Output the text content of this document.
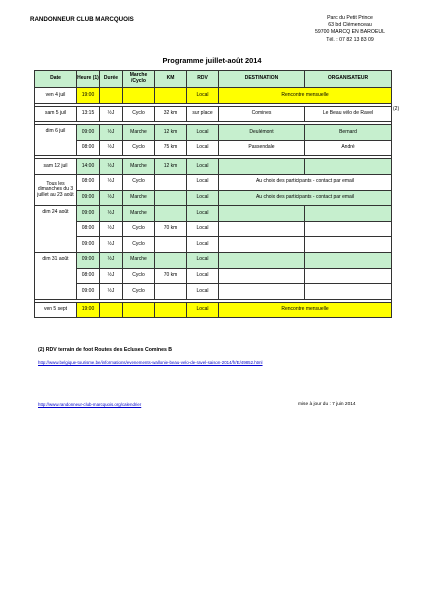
RANDONNEUR CLUB MARCQUOIS	Parc du Petit Prince
63 bd Clémenceau
59700 MARCQ EN BAROEUL
Tél. : 07 82 13 83 09
Programme juillet-août 2014
Date	Heure (1)	Durée	Marche /Cyclo	KM	RDV	DESTINATION	ORGANISATEUR
ven 4 juil	19:00				Local	Rencontre mensuelle	

sam 5 juil	13:15	½J	Cyclo	32 km	sur place	Comines	Le Beau vélo de Ravel

dim 6 juil	09:00	½J	Marche	12 km	Local	Deulémont	Bernard
	08:00	½J	Cyclo	75 km	Local	Passendale	André

sam 12 juil	14:00	½J	Marche	12 km	Local		
Tous les dimanches du 3 juillet au 23 août	08:00	½J	Cyclo		Local	Au choix des participants - contact par email	
	09:00	½J	Marche		Local	Au choix des participants - contact par email	
dim 24 août	09:00	½J	Marche		Local		
	08:00	½J	Cyclo	70 km	Local		
	09:00	½J	Cyclo		Local		
dim 31 août	09:00	½J	Marche		Local		
	08:00	½J	Cyclo	70 km	Local		
	09:00	½J	Cyclo		Local		

ven 5 sept	19:00				Local	Rencontre mensuelle	
(2)
(2) RDV terrain de foot Routes des Ecluses Comines B
http://www.belgique-tourisme.be/informations/evenements-wallonie-beau-velo-de-ravel-saison-2014/fr/E/49852.html
http://www.randonneur-club-marcquois.org/calendrier	mise à jour du : 7 juin 2014
